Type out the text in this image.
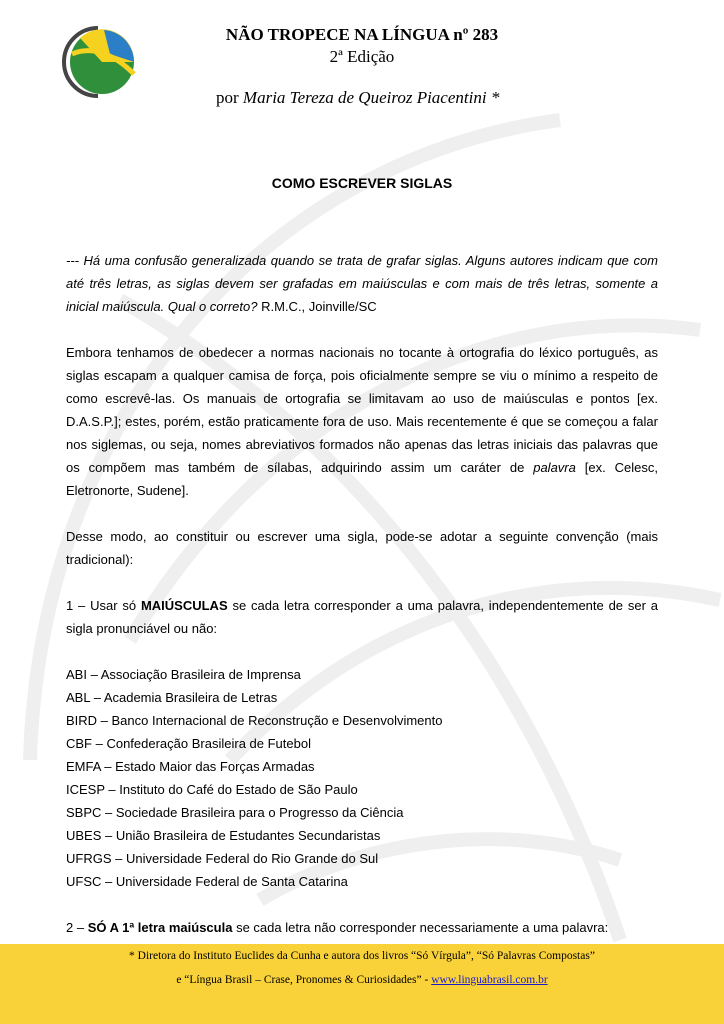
NÃO TROPECE NA LÍNGUA nº 283
2ª Edição
por Maria Tereza de Queiroz Piacentini *
COMO ESCREVER SIGLAS

--- Há uma confusão generalizada quando se trata de grafar siglas. Alguns autores indicam que com até três letras, as siglas devem ser grafadas em maiúsculas e com mais de três letras, somente a inicial maiúscula. Qual o correto? R.M.C., Joinville/SC

Embora tenhamos de obedecer a normas nacionais no tocante à ortografia do léxico português, as siglas escapam a qualquer camisa de força, pois oficialmente sempre se viu o mínimo a respeito de como escrevê-las. Os manuais de ortografia se limitavam ao uso de maiúsculas e pontos [ex. D.A.S.P.]; estes, porém, estão praticamente fora de uso. Mais recentemente é que se começou a falar nos siglemas, ou seja, nomes abreviativos formados não apenas das letras iniciais das palavras que os compõem mas também de sílabas, adquirindo assim um caráter de palavra [ex. Celesc, Eletronorte, Sudene].

Desse modo, ao constituir ou escrever uma sigla, pode-se adotar a seguinte convenção (mais tradicional):

1 – Usar só MAIÚSCULAS se cada letra corresponder a uma palavra, independentemente de ser a sigla pronunciável ou não:

ABI – Associação Brasileira de Imprensa
ABL – Academia Brasileira de Letras
BIRD – Banco Internacional de Reconstrução e Desenvolvimento
CBF – Confederação Brasileira de Futebol
EMFA – Estado Maior das Forças Armadas
ICESP – Instituto do Café do Estado de São Paulo
SBPC – Sociedade Brasileira para o Progresso da Ciência
UBES – União Brasileira de Estudantes Secundaristas
UFRGS – Universidade Federal do Rio Grande do Sul
UFSC – Universidade Federal de Santa Catarina

2 – SÓ A 1ª letra maiúscula se cada letra não corresponder necessariamente a uma palavra:

* Diretora do Instituto Euclides da Cunha e autora dos livros “Só Vírgula”, “Só Palavras Compostas”
e “Língua Brasil – Crase, Pronomes & Curiosidades” - www.linguabrasil.com.br
